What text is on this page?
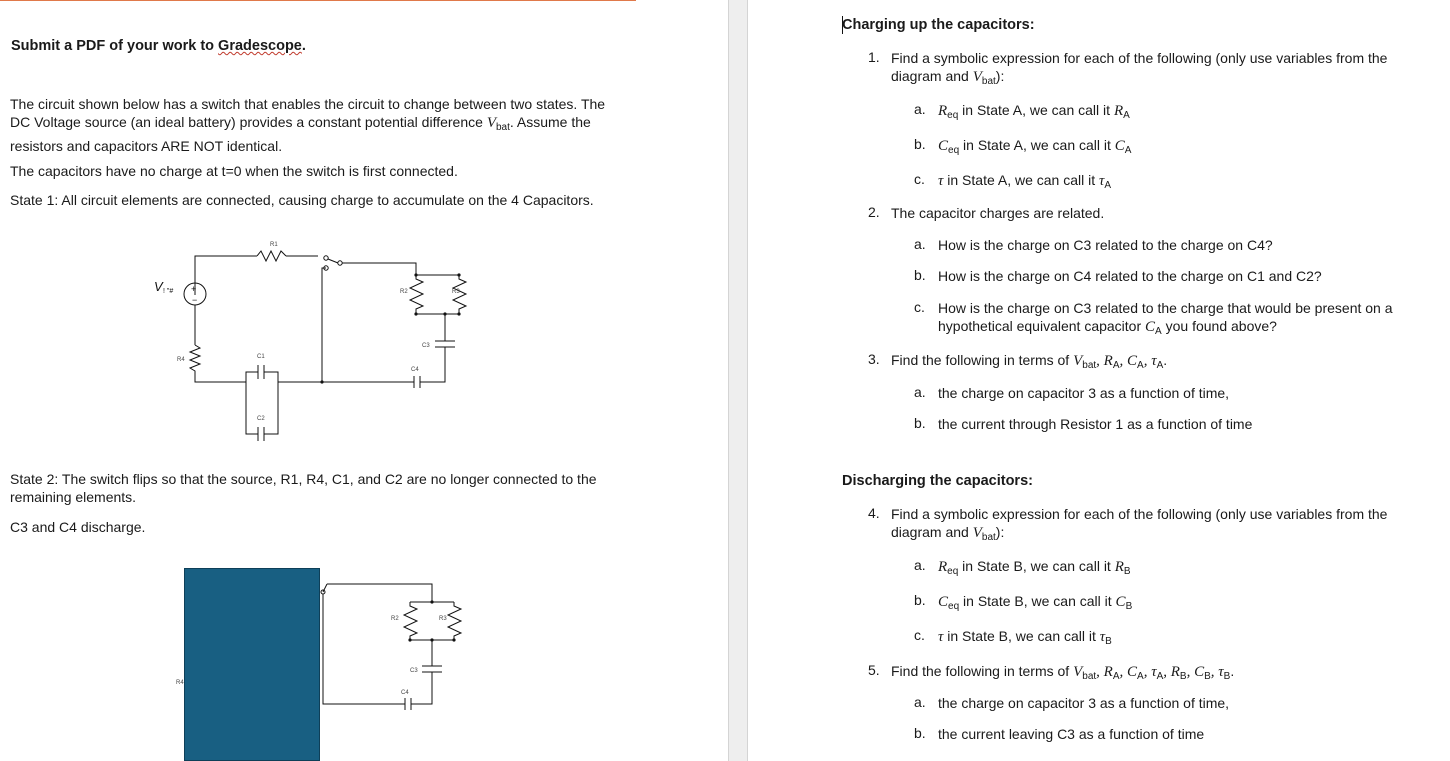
Submit a PDF of your work to Gradescope.
The circuit shown below has a switch that enables the circuit to change between two states. The
DC Voltage source (an ideal battery) provides a constant potential difference $V_{bat}$. Assume the
resistors and capacitors ARE NOT identical.
The capacitors have no charge at t=0 when the switch is first connected.
State 1: All circuit elements are connected, causing charge to accumulate on the 4 Capacitors.
R1
R2	R3
R4	C1
C2
C3
C4
+
−
V ! "#
State 2: The switch flips so that the source, R1, R4, C1, and C2 are no longer connected to the
remaining elements.
C3 and C4 discharge.
R2	R3
R4
C3
C4
Charging up the capacitors:
1. Find a symbolic expression for each of the following (only use variables from the
diagram and $V_{bat}$):
a. $R_{eq}$ in State A, we can call it $R_A$
b. $C_{eq}$ in State A, we can call it $C_A$
c. τ in State A, we can call it $\tau_A$
2. The capacitor charges are related.
a. How is the charge on C3 related to the charge on C4?
b. How is the charge on C4 related to the charge on C1 and C2?
c. How is the charge on C3 related to the charge that would be present on a
hypothetical equivalent capacitor $C_A$ you found above?
3. Find the following in terms of $V_{bat}$, $R_A$, $C_A$, $\tau_A$.
a. the charge on capacitor 3 as a function of time,
b. the current through Resistor 1 as a function of time
Discharging the capacitors:
4. Find a symbolic expression for each of the following (only use variables from the
diagram and $V_{bat}$):
a. $R_{eq}$ in State B, we can call it $R_B$
b. $C_{eq}$ in State B, we can call it $C_B$
c. τ in State B, we can call it $\tau_B$
5. Find the following in terms of $V_{bat}$, $R_A$, $C_A$, $\tau_A$, $R_B$, $C_B$, $\tau_B$.
a. the charge on capacitor 3 as a function of time,
b. the current leaving C3 as a function of time
